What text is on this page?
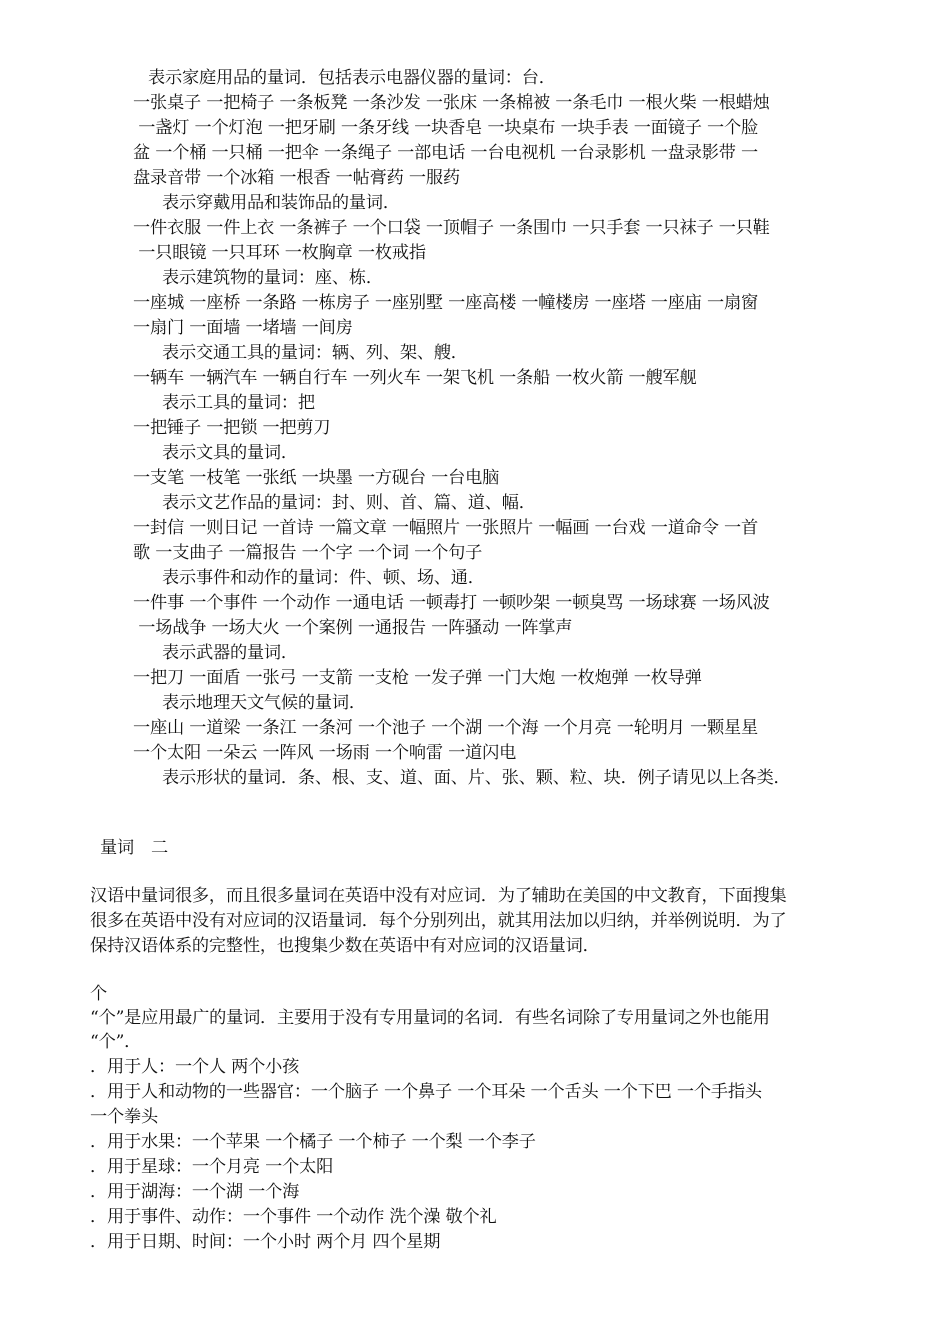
表示家庭用品的量词．包括表示电器仪器的量词：台．
一张桌子 一把椅子 一条板凳 一条沙发 一张床 一条棉被 一条毛巾 一根火柴 一根蜡烛
一盏灯 一个灯泡 一把牙刷 一条牙线 一块香皂 一块桌布 一块手表 一面镜子 一个脸
盆 一个桶 一只桶 一把伞 一条绳子 一部电话 一台电视机 一台录影机 一盘录影带 一
盘录音带 一个冰箱 一根香 一帖膏药 一服药
表示穿戴用品和装饰品的量词．
一件衣服 一件上衣 一条裤子 一个口袋 一顶帽子 一条围巾 一只手套 一只袜子 一只鞋
一只眼镜 一只耳环 一枚胸章 一枚戒指
表示建筑物的量词：座、栋．
一座城 一座桥 一条路 一栋房子 一座别墅 一座高楼 一幢楼房 一座塔 一座庙 一扇窗
一扇门 一面墙 一堵墙 一间房
表示交通工具的量词：辆、列、架、艘．
一辆车 一辆汽车 一辆自行车 一列火车 一架飞机 一条船 一枚火箭 一艘军舰
表示工具的量词：把
一把锤子 一把锁 一把剪刀
表示文具的量词．
一支笔 一枝笔 一张纸 一块墨 一方砚台 一台电脑
表示文艺作品的量词：封、则、首、篇、道、幅．
一封信 一则日记 一首诗 一篇文章 一幅照片 一张照片 一幅画 一台戏 一道命令 一首
歌 一支曲子 一篇报告 一个字 一个词 一个句子
表示事件和动作的量词：件、顿、场、通．
一件事 一个事件 一个动作 一通电话 一顿毒打 一顿吵架 一顿臭骂 一场球赛 一场风波
一场战争 一场大火 一个案例 一通报告 一阵骚动 一阵掌声
表示武器的量词．
一把刀 一面盾 一张弓 一支箭 一支枪 一发子弹 一门大炮 一枚炮弹 一枚导弹
表示地理天文气候的量词．
一座山 一道梁 一条江 一条河 一个池子 一个湖 一个海 一个月亮 一轮明月 一颗星星
一个太阳 一朵云 一阵风 一场雨 一个响雷 一道闪电
表示形状的量词．条、根、支、道、面、片、张、颗、粒、块．例子请见以上各类．
量词　二
汉语中量词很多，而且很多量词在英语中没有对应词．为了辅助在美国的中文教育，下面搜集
很多在英语中没有对应词的汉语量词．每个分别列出，就其用法加以归纳，并举例说明．为了
保持汉语体系的完整性，也搜集少数在英语中有对应词的汉语量词．
个
“个”是应用最广的量词．主要用于没有专用量词的名词．有些名词除了专用量词之外也能用
“个”．
．用于人：一个人 两个小孩
．用于人和动物的一些器官：一个脑子 一个鼻子 一个耳朵 一个舌头 一个下巴 一个手指头
一个拳头
．用于水果：一个苹果 一个橘子 一个柿子 一个梨 一个李子
．用于星球：一个月亮 一个太阳
．用于湖海：一个湖 一个海
．用于事件、动作：一个事件 一个动作 洗个澡 敬个礼
．用于日期、时间：一个小时 两个月 四个星期
